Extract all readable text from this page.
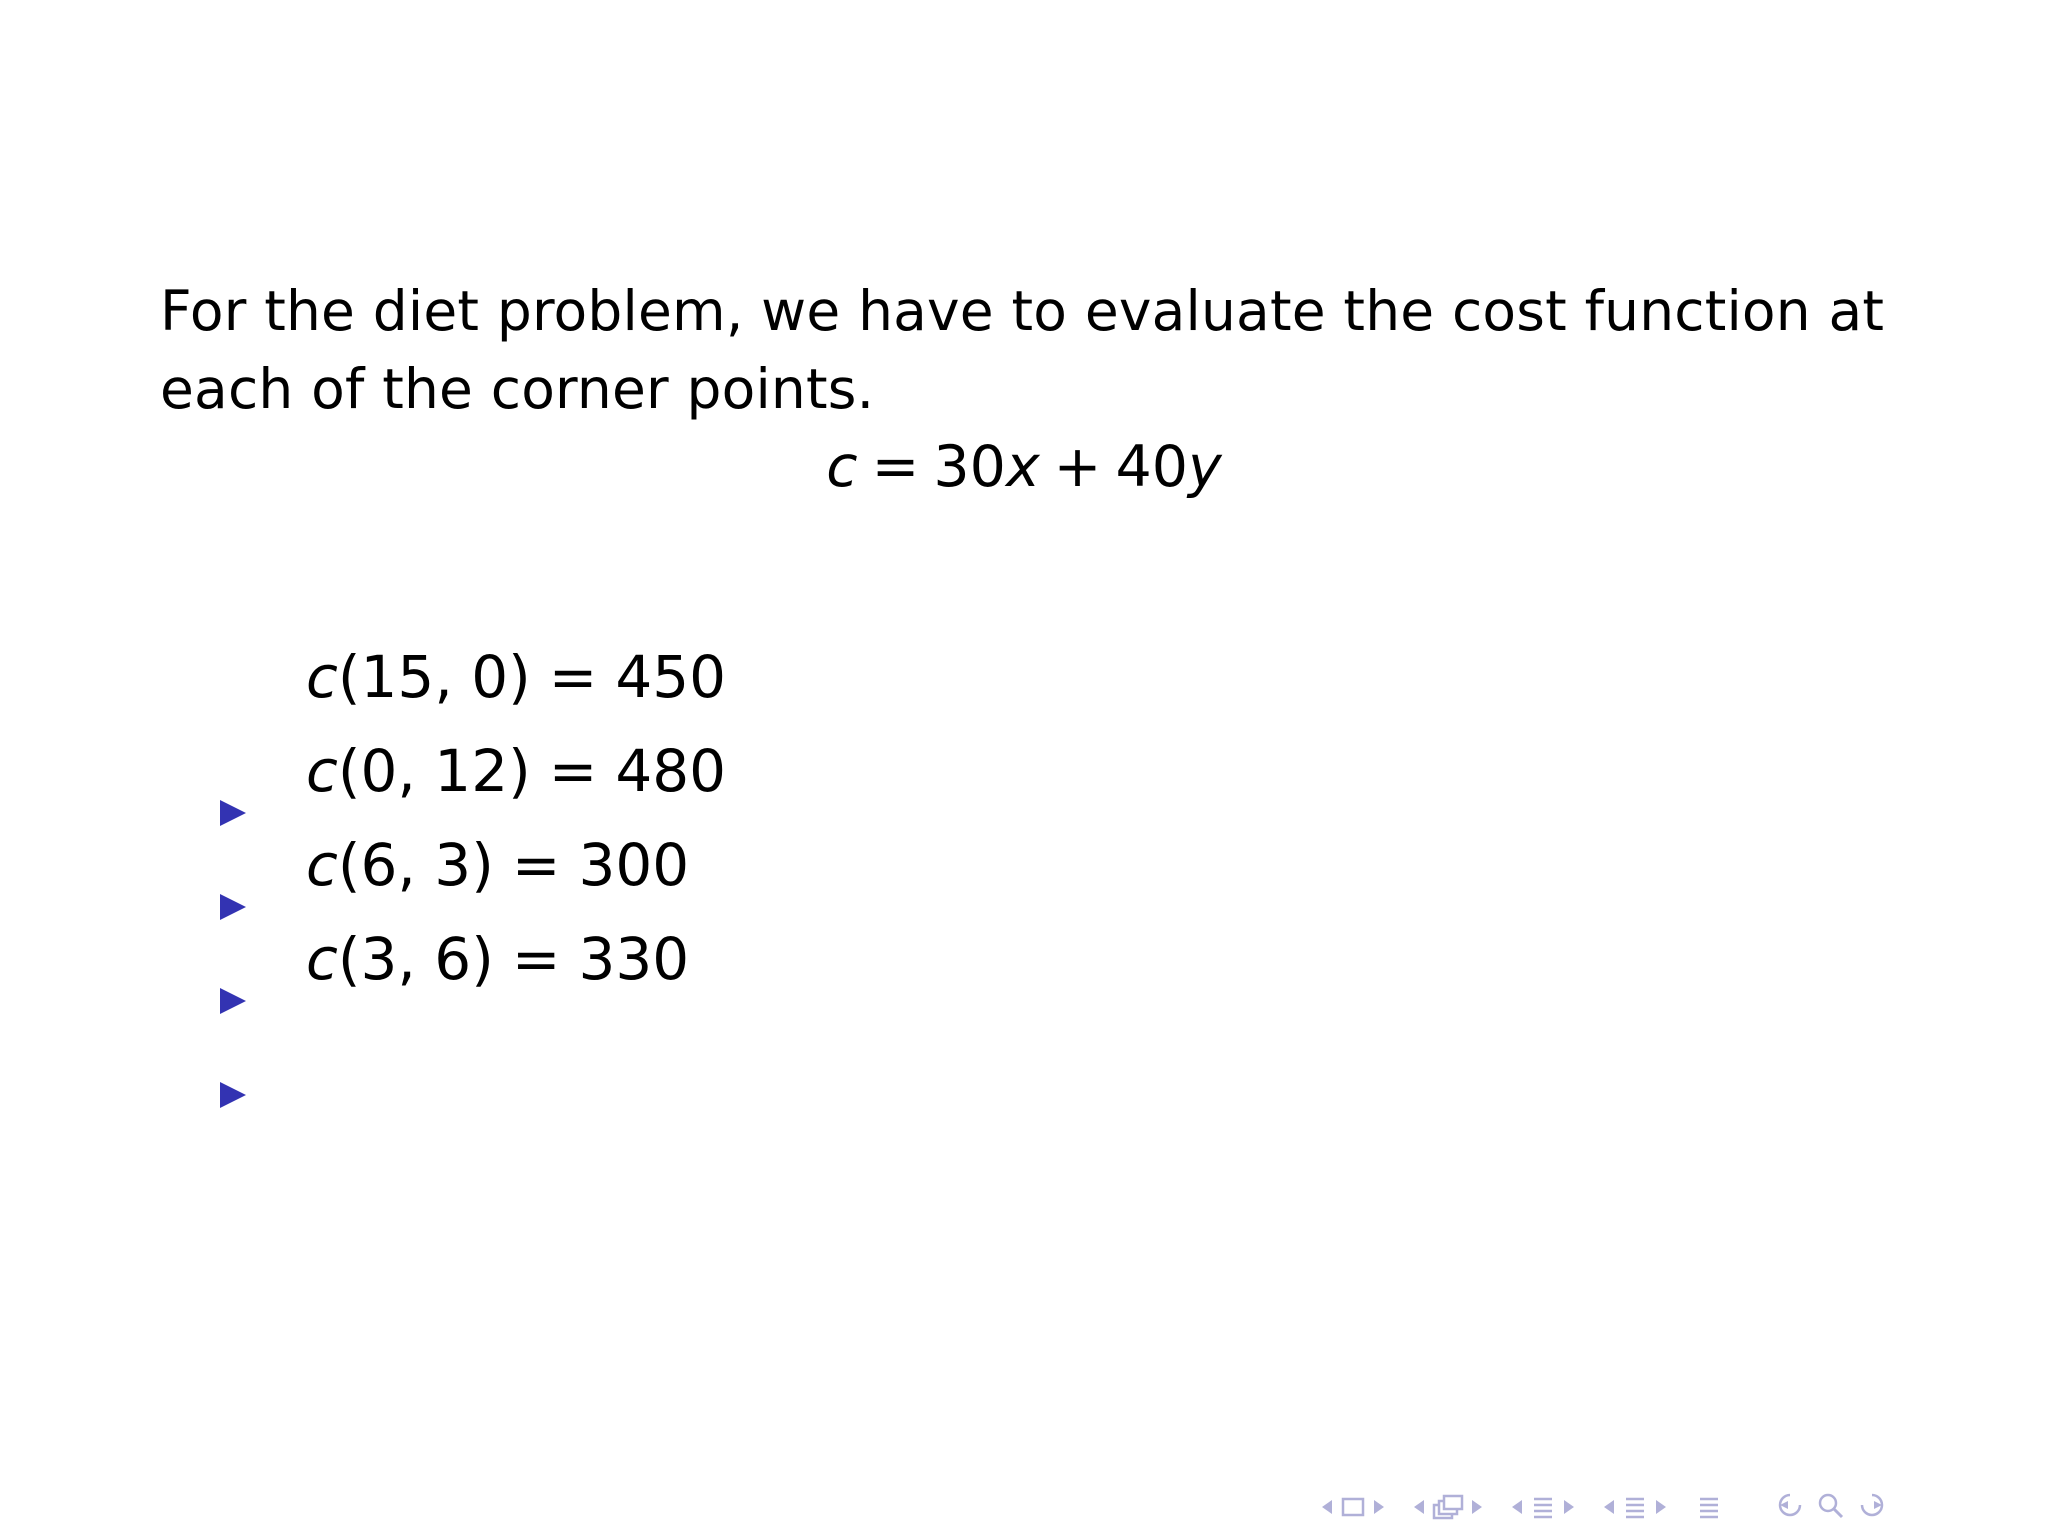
For the diet problem, we have to evaluate the cost function at each of the corner points.
c = 30x + 40y

c (15, 0) = 450

c (0, 12) = 480

c (6, 3) = 300

c (3, 6) = 330
